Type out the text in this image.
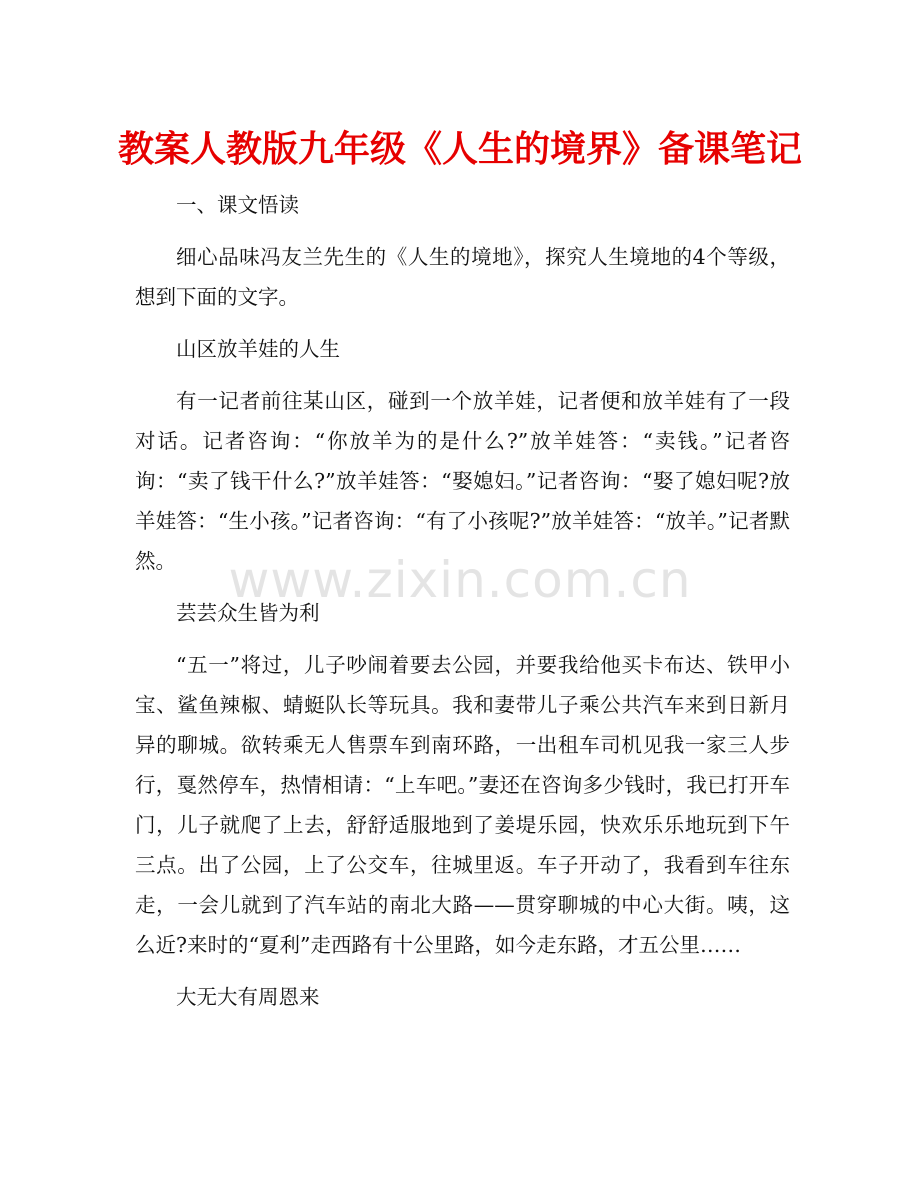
教案人教版九年级《人生的境界》备课笔记

一、课文悟读

细心品味冯友兰先生的《人生的境地》，探究人生境地的4个等级，想到下面的文字。

山区放羊娃的人生

有一记者前往某山区，碰到一个放羊娃，记者便和放羊娃有了一段对话。记者咨询：“你放羊为的是什么?”放羊娃答：“卖钱。”记者咨询：“卖了钱干什么?”放羊娃答：“娶媳妇。”记者咨询：“娶了媳妇呢?放羊娃答：“生小孩。”记者咨询：“有了小孩呢?”放羊娃答：“放羊。”记者默然。

芸芸众生皆为利

“五一”将过，儿子吵闹着要去公园，并要我给他买卡布达、铁甲小宝、鲨鱼辣椒、蜻蜓队长等玩具。我和妻带儿子乘公共汽车来到日新月异的聊城。欲转乘无人售票车到南环路，一出租车司机见我一家三人步行，戛然停车，热情相请：“上车吧。”妻还在咨询多少钱时，我已打开车门，儿子就爬了上去，舒舒适服地到了姜堤乐园，快欢乐乐地玩到下午三点。出了公园，上了公交车，往城里返。车子开动了，我看到车往东走，一会儿就到了汽车站的南北大路——贯穿聊城的中心大街。咦，这么近?来时的“夏利”走西路有十公里路，如今走东路，才五公里……

大无大有周恩来

www.zixin.com.cn
